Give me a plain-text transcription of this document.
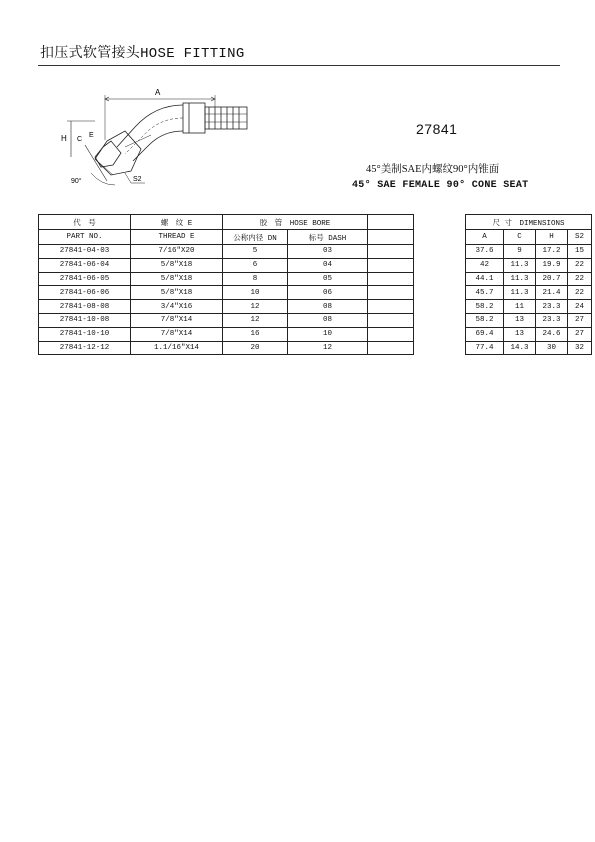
扣压式软管接头HOSE FITTING
A
H C
E
90°	S2
27841
45°美制SAE内螺纹90°内锥面
45° SAE FEMALE 90° CONE SEAT
代　号	螺　纹 E	胶　管　HOSE BORE				尺 寸　DIMENSIONS			
PART NO.	THREAD E	公称内径 DN	标号 DASH			A	C	H	S2
27841-04-03	7/16″X20	5	03			37.6	9	17.2	15
27841-06-04	5/8″X18	6	04			42	11.3	19.9	22
27841-06-05	5/8″X18	8	05			44.1	11.3	20.7	22
27841-06-06	5/8″X18	10	06			45.7	11.3	21.4	22
27841-08-08	3/4″X16	12	08			58.2	11	23.3	24
27841-10-08	7/8″X14	12	08			58.2	13	23.3	27
27841-10-10	7/8″X14	16	10			69.4	13	24.6	27
27841-12-12	1.1/16″X14	20	12			77.4	14.3	30	32
